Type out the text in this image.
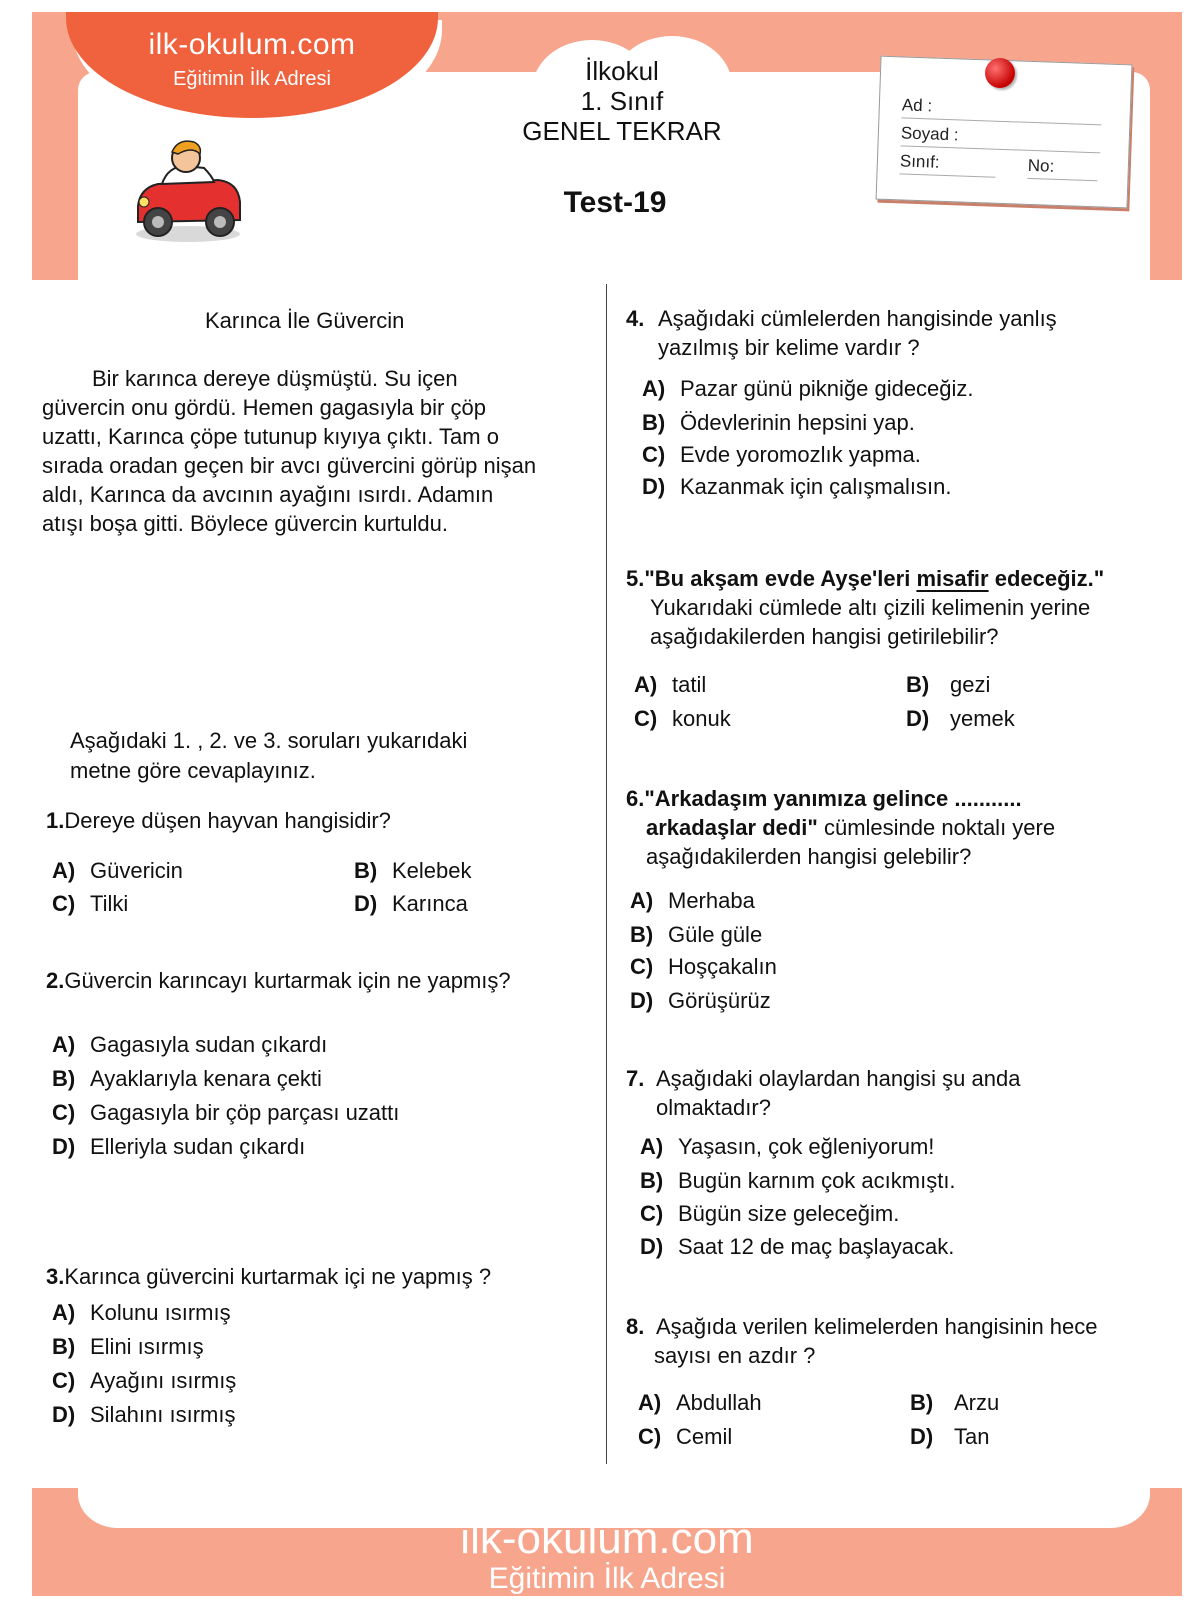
ilk-okulum.com
Eğitimin İlk Adresi	İlkokul
1. Sınıf
GENEL TEKRAR
Ad :
Soyad :
Sınıf:	No:
Test-19
Karınca İle Güvercin
Bir karınca dereye düşmüştü. Su içen
güvercin onu gördü. Hemen gagasıyla bir çöp
uzattı, Karınca çöpe tutunup kıyıya çıktı. Tam o
sırada oradan geçen bir avcı güvercini görüp nişan
aldı, Karınca da avcının ayağını ısırdı. Adamın
atışı boşa gitti. Böylece güvercin kurtuldu.
Aşağıdaki 1. , 2. ve 3. soruları yukarıdaki
metne göre cevaplayınız.
1.Dereye düşen hayvan hangisidir?
A) Güvericin	B) Kelebek
C) Tilki	D) Karınca
2.Güvercin karıncayı kurtarmak için ne yapmış?
A) Gagasıyla sudan çıkardı
B) Ayaklarıyla kenara çekti
C) Gagasıyla bir çöp parçası uzattı
D) Elleriyla sudan çıkardı
3.Karınca güvercini kurtarmak içi ne yapmış ?
A) Kolunu ısırmış
B) Elini ısırmış
C) Ayağını ısırmış
D) Silahını ısırmış
4. Aşağıdaki cümlelerden hangisinde yanlış
yazılmış bir kelime vardır ?
A) Pazar günü pikniğe gideceğiz.
B) Ödevlerinin hepsini yap.
C) Evde yoromozlık yapma.
D) Kazanmak için çalışmalısın.
5."Bu akşam evde Ayşe'leri misafir edeceğiz."
Yukarıdaki cümlede altı çizili kelimenin yerine
aşağıdakilerden hangisi getirilebilir?
A) tatil	B) gezi
C) konuk	D) yemek
6."Arkadaşım yanımıza gelince ...........
arkadaşlar dedi" cümlesinde noktalı yere
aşağıdakilerden hangisi gelebilir?
A) Merhaba
B) Güle güle
C) Hoşçakalın
D) Görüşürüz
7. Aşağıdaki olaylardan hangisi şu anda
olmaktadır?
A) Yaşasın, çok eğleniyorum!
B) Bugün karnım çok acıkmıştı.
C) Bügün size geleceğim.
D) Saat 12 de maç başlayacak.
8. Aşağıda verilen kelimelerden hangisinin hece
sayısı en azdır ?
A) Abdullah	B) Arzu
C) Cemil	D) Tan
ilk-okulum.com
Eğitimin İlk Adresi
